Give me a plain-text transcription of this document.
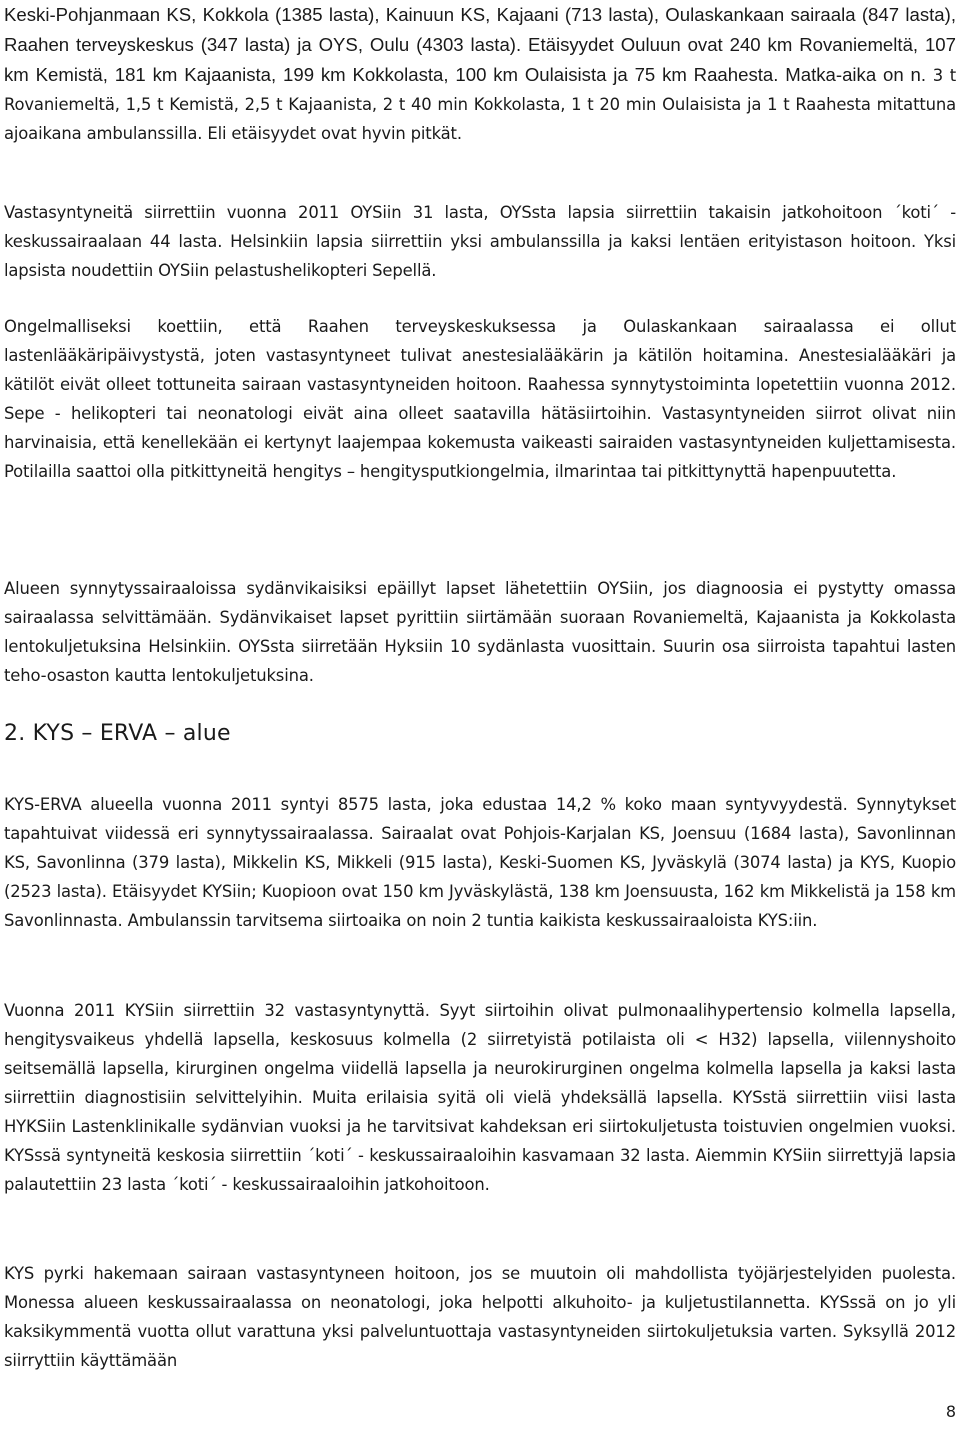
Keski-Pohjanmaan KS, Kokkola (1385 lasta), Kainuun KS, Kajaani (713 lasta), Oulaskankaan sairaala (847 lasta), Raahen terveyskeskus (347 lasta) ja OYS, Oulu (4303 lasta). Etäisyydet Ouluun ovat 240 km Rovaniemeltä, 107 km Kemistä, 181 km Kajaanista, 199 km Kokkolasta, 100 km Oulaisista ja 75 km Raahesta. Matka-aika on n. 3 t Rovaniemeltä, 1,5 t Kemistä, 2,5 t Kajaanista, 2 t 40 min Kokkolasta, 1 t 20 min Oulaisista ja 1 t Raahesta mitattuna ajoaikana ambulanssilla. Eli etäisyydet ovat hyvin pitkät.

Vastasyntyneitä siirrettiin vuonna 2011 OYSiin 31 lasta, OYSsta lapsia siirrettiin takaisin jatkohoitoon ´koti´ - keskussairaalaan 44 lasta. Helsinkiin lapsia siirrettiin yksi ambulanssilla ja kaksi lentäen erityistason hoitoon. Yksi lapsista noudettiin OYSiin pelastushelikopteri Sepellä.

Ongelmalliseksi koettiin, että Raahen terveyskeskuksessa ja Oulaskankaan sairaalassa ei ollut lastenlääkäripäivystystä, joten vastasyntyneet tulivat anestesialääkärin ja kätilön hoitamina. Anestesialääkäri ja kätilöt eivät olleet tottuneita sairaan vastasyntyneiden hoitoon. Raahessa synnytystoiminta lopetettiin vuonna 2012. Sepe - helikopteri tai neonatologi eivät aina olleet saatavilla hätäsiirtoihin. Vastasyntyneiden siirrot olivat niin harvinaisia, että kenellekään ei kertynyt laajempaa kokemusta vaikeasti sairaiden vastasyntyneiden kuljettamisesta. Potilailla saattoi olla pitkittyneitä hengitys – hengitysputkiongelmia, ilmarintaa tai pitkittynyttä hapenpuutetta.

Alueen synnytyssairaaloissa sydänvikaisiksi epäillyt lapset lähetettiin OYSiin, jos diagnoosia ei pystytty omassa sairaalassa selvittämään. Sydänvikaiset lapset pyrittiin siirtämään suoraan Rovaniemeltä, Kajaanista ja Kokkolasta lentokuljetuksina Helsinkiin. OYSsta siirretään Hyksiin 10 sydänlasta vuosittain. Suurin osa siirroista tapahtui lasten teho-osaston kautta lentokuljetuksina.

2. KYS – ERVA – alue

KYS-ERVA alueella vuonna 2011 syntyi 8575 lasta, joka edustaa 14,2 % koko maan syntyvyydestä. Synnytykset tapahtuivat viidessä eri synnytyssairaalassa. Sairaalat ovat Pohjois-Karjalan KS, Joensuu (1684 lasta), Savonlinnan KS, Savonlinna (379 lasta), Mikkelin KS, Mikkeli (915 lasta), Keski-Suomen KS, Jyväskylä (3074 lasta) ja KYS, Kuopio (2523 lasta). Etäisyydet KYSiin; Kuopioon ovat 150 km Jyväskylästä, 138 km Joensuusta, 162 km Mikkelistä ja 158 km Savonlinnasta. Ambulanssin tarvitsema siirtoaika on noin 2 tuntia kaikista keskussairaaloista KYS:iin.

Vuonna 2011 KYSiin siirrettiin 32 vastasyntynyttä. Syyt siirtoihin olivat pulmonaalihypertensio kolmella lapsella, hengitysvaikeus yhdellä lapsella, keskosuus kolmella (2 siirretyistä potilaista oli < H32) lapsella, viilennyshoito seitsemällä lapsella, kirurginen ongelma viidellä lapsella ja neurokirurginen ongelma kolmella lapsella ja kaksi lasta siirrettiin diagnostisiin selvittelyihin. Muita erilaisia syitä oli vielä yhdeksällä lapsella. KYSstä siirrettiin viisi lasta HYKSiin Lastenklinikalle sydänvian vuoksi ja he tarvitsivat kahdeksan eri siirtokuljetusta toistuvien ongelmien vuoksi. KYSssä syntyneitä keskosia siirrettiin ´koti´ - keskussairaaloihin kasvamaan 32 lasta. Aiemmin KYSiin siirrettyjä lapsia palautettiin 23 lasta ´koti´ - keskussairaaloihin jatkohoitoon.

KYS pyrki hakemaan sairaan vastasyntyneen hoitoon, jos se muutoin oli mahdollista työjärjestelyiden puolesta. Monessa alueen keskussairaalassa on neonatologi, joka helpotti alkuhoito- ja kuljetustilannetta. KYSssä on jo yli kaksikymmentä vuotta ollut varattuna yksi palveluntuottaja vastasyntyneiden siirtokuljetuksia varten. Syksyllä 2012 siirryttiin käyttämään

8
